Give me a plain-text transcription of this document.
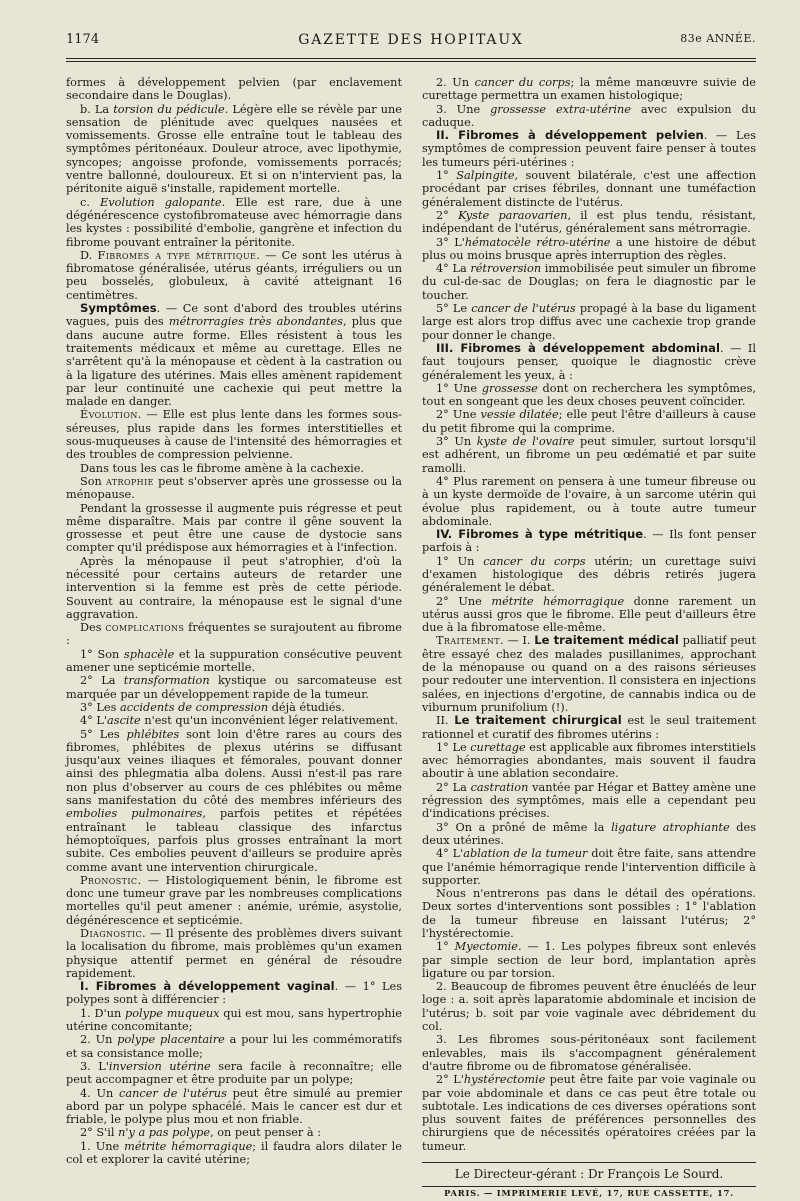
1174	GAZETTE DES HOPITAUX	83e ANNÉE.

formes à développement pelvien (par enclavement secondaire dans le Douglas).

b. La torsion du pédicule. Légère elle se révèle par une sensation de plénitude avec quelques nausées et vomissements. Grosse elle entraîne tout le tableau des symptômes péritonéaux. Douleur atroce, avec lipothymie, syncopes; angoisse profonde, vomissements porracés; ventre ballonné, douloureux. Et si on n'intervient pas, la péritonite aiguë s'installe, rapidement mortelle.

c. Evolution galopante. Elle est rare, due à une dégénérescence cystofibromateuse avec hémorragie dans les kystes : possibilité d'embolie, gangrène et infection du fibrome pouvant entraîner la péritonite.

D. Fibromes a type métritique. — Ce sont les utérus à fibromatose généralisée, utérus géants, irréguliers ou un peu bosselés, globuleux, à cavité atteignant 16 centimètres.

Symptômes. — Ce sont d'abord des troubles utérins vagues, puis des métrorragies très abondantes, plus que dans aucune autre forme. Elles résistent à tous les traitements médicaux et même au curettage. Elles ne s'arrêtent qu'à la ménopause et cèdent à la castration ou à la ligature des utérines. Mais elles amènent rapidement par leur continuité une cachexie qui peut mettre la malade en danger.

Évolution. — Elle est plus lente dans les formes sous-séreuses, plus rapide dans les formes interstitielles et sous-muqueuses à cause de l'intensité des hémorragies et des troubles de compression pelvienne.

Dans tous les cas le fibrome amène à la cachexie.

Son atrophie peut s'observer après une grossesse ou la ménopause.

Pendant la grossesse il augmente puis régresse et peut même disparaître. Mais par contre il gêne souvent la grossesse et peut être une cause de dystocie sans compter qu'il prédispose aux hémorragies et à l'infection.

Après la ménopause il peut s'atrophier, d'où la nécessité pour certains auteurs de retarder une intervention si la femme est près de cette période. Souvent au contraire, la ménopause est le signal d'une aggravation.

Des complications fréquentes se surajoutent au fibrome :

1° Son sphacèle et la suppuration consécutive peuvent amener une septicémie mortelle.

2° La transformation kystique ou sarcomateuse est marquée par un développement rapide de la tumeur.

3° Les accidents de compression déjà étudiés.

4° L'ascite n'est qu'un inconvénient léger relativement.

5° Les phlébites sont loin d'être rares au cours des fibromes, phlébites de plexus utérins se diffusant jusqu'aux veines iliaques et fémorales, pouvant donner ainsi des phlegmatia alba dolens. Aussi n'est-il pas rare non plus d'observer au cours de ces phlébites ou même sans manifestation du côté des membres inférieurs des embolies pulmonaires, parfois petites et répétées entraînant le tableau classique des infarctus hémoptoïques, parfois plus grosses entraînant la mort subite. Ces embolies peuvent d'ailleurs se produire après comme avant une intervention chirurgicale.

Pronostic. — Histologiquement bénin, le fibrome est donc une tumeur grave par les nombreuses complications mortelles qu'il peut amener : anémie, urémie, asystolie, dégénérescence et septicémie.

Diagnostic. — Il présente des problèmes divers suivant la localisation du fibrome, mais problèmes qu'un examen physique attentif permet en général de résoudre rapidement.

I. Fibromes à développement vaginal. — 1° Les polypes sont à différencier :

1. D'un polype muqueux qui est mou, sans hypertrophie utérine concomitante;

2. Un polype placentaire a pour lui les commémoratifs et sa consistance molle;

3. L'inversion utérine sera facile à reconnaître; elle peut accompagner et être produite par un polype;

4. Un cancer de l'utérus peut être simulé au premier abord par un polype sphacélé. Mais le cancer est dur et friable, le polype plus mou et non friable.

2° S'il n'y a pas polype, on peut penser à :

1. Une métrite hémorragique; il faudra alors dilater le col et explorer la cavité utérine;

2. Un cancer du corps; la même manœuvre suivie de curettage permettra un examen histologique;

3. Une grossesse extra-utérine avec expulsion du caduque.

II. Fibromes à développement pelvien. — Les symptômes de compression peuvent faire penser à toutes les tumeurs péri-utérines :

1° Salpingite, souvent bilatérale, c'est une affection procédant par crises fébriles, donnant une tuméfaction généralement distincte de l'utérus.

2° Kyste paraovarien, il est plus tendu, résistant, indépendant de l'utérus, généralement sans métrorragie.

3° L'hématocèle rétro-utérine a une histoire de début plus ou moins brusque après interruption des règles.

4° La rétroversion immobilisée peut simuler un fibrome du cul-de-sac de Douglas; on fera le diagnostic par le toucher.

5° Le cancer de l'utérus propagé à la base du ligament large est alors trop diffus avec une cachexie trop grande pour donner le change.

III. Fibromes à développement abdominal. — Il faut toujours penser, quoique le diagnostic crève généralement les yeux, à :

1° Une grossesse dont on recherchera les symptômes, tout en songeant que les deux choses peuvent coïncider.

2° Une vessie dilatée; elle peut l'être d'ailleurs à cause du petit fibrome qui la comprime.

3° Un kyste de l'ovaire peut simuler, surtout lorsqu'il est adhérent, un fibrome un peu œdématié et par suite ramolli.

4° Plus rarement on pensera à une tumeur fibreuse ou à un kyste dermoïde de l'ovaire, à un sarcome utérin qui évolue plus rapidement, ou à toute autre tumeur abdominale.

IV. Fibromes à type métritique. — Ils font penser parfois à :

1° Un cancer du corps utérin; un curettage suivi d'examen histologique des débris retirés jugera généralement le débat.

2° Une métrite hémorragique donne rarement un utérus aussi gros que le fibrome. Elle peut d'ailleurs être due à la fibromatose elle-même.

Traitement. — I. Le traitement médical palliatif peut être essayé chez des malades pusillanimes, approchant de la ménopause ou quand on a des raisons sérieuses pour redouter une intervention. Il consistera en injections salées, en injections d'ergotine, de cannabis indica ou de viburnum prunifolium (!).

II. Le traitement chirurgical est le seul traitement rationnel et curatif des fibromes utérins :

1° Le curettage est applicable aux fibromes interstitiels avec hémorragies abondantes, mais souvent il faudra aboutir à une ablation secondaire.

2° La castration vantée par Hégar et Battey amène une régression des symptômes, mais elle a cependant peu d'indications précises.

3° On a prôné de même la ligature atrophiante des deux utérines.

4° L'ablation de la tumeur doit être faite, sans attendre que l'anémie hémorragique rende l'intervention difficile à supporter.

Nous n'entrerons pas dans le détail des opérations. Deux sortes d'interventions sont possibles : 1° l'ablation de la tumeur fibreuse en laissant l'utérus; 2° l'hystérectomie.

1° Myectomie. — 1. Les polypes fibreux sont enlevés par simple section de leur bord, implantation après ligature ou par torsion.

2. Beaucoup de fibromes peuvent être énucléés de leur loge : a. soit après laparatomie abdominale et incision de l'utérus; b. soit par voie vaginale avec débridement du col.

3. Les fibromes sous-péritonéaux sont facilement enlevables, mais ils s'accompagnent généralement d'autre fibrome ou de fibromatose généralisée.

2° L'hystérectomie peut être faite par voie vaginale ou par voie abdominale et dans ce cas peut être totale ou subtotale. Les indications de ces diverses opérations sont plus souvent faites de préférences personnelles des chirurgiens que de nécessités opératoires créées par la tumeur.

Le Directeur-gérant : Dr François Le Sourd.

PARIS. — IMPRIMERIE LEVÉ, 17, RUE CASSETTE, 17.
